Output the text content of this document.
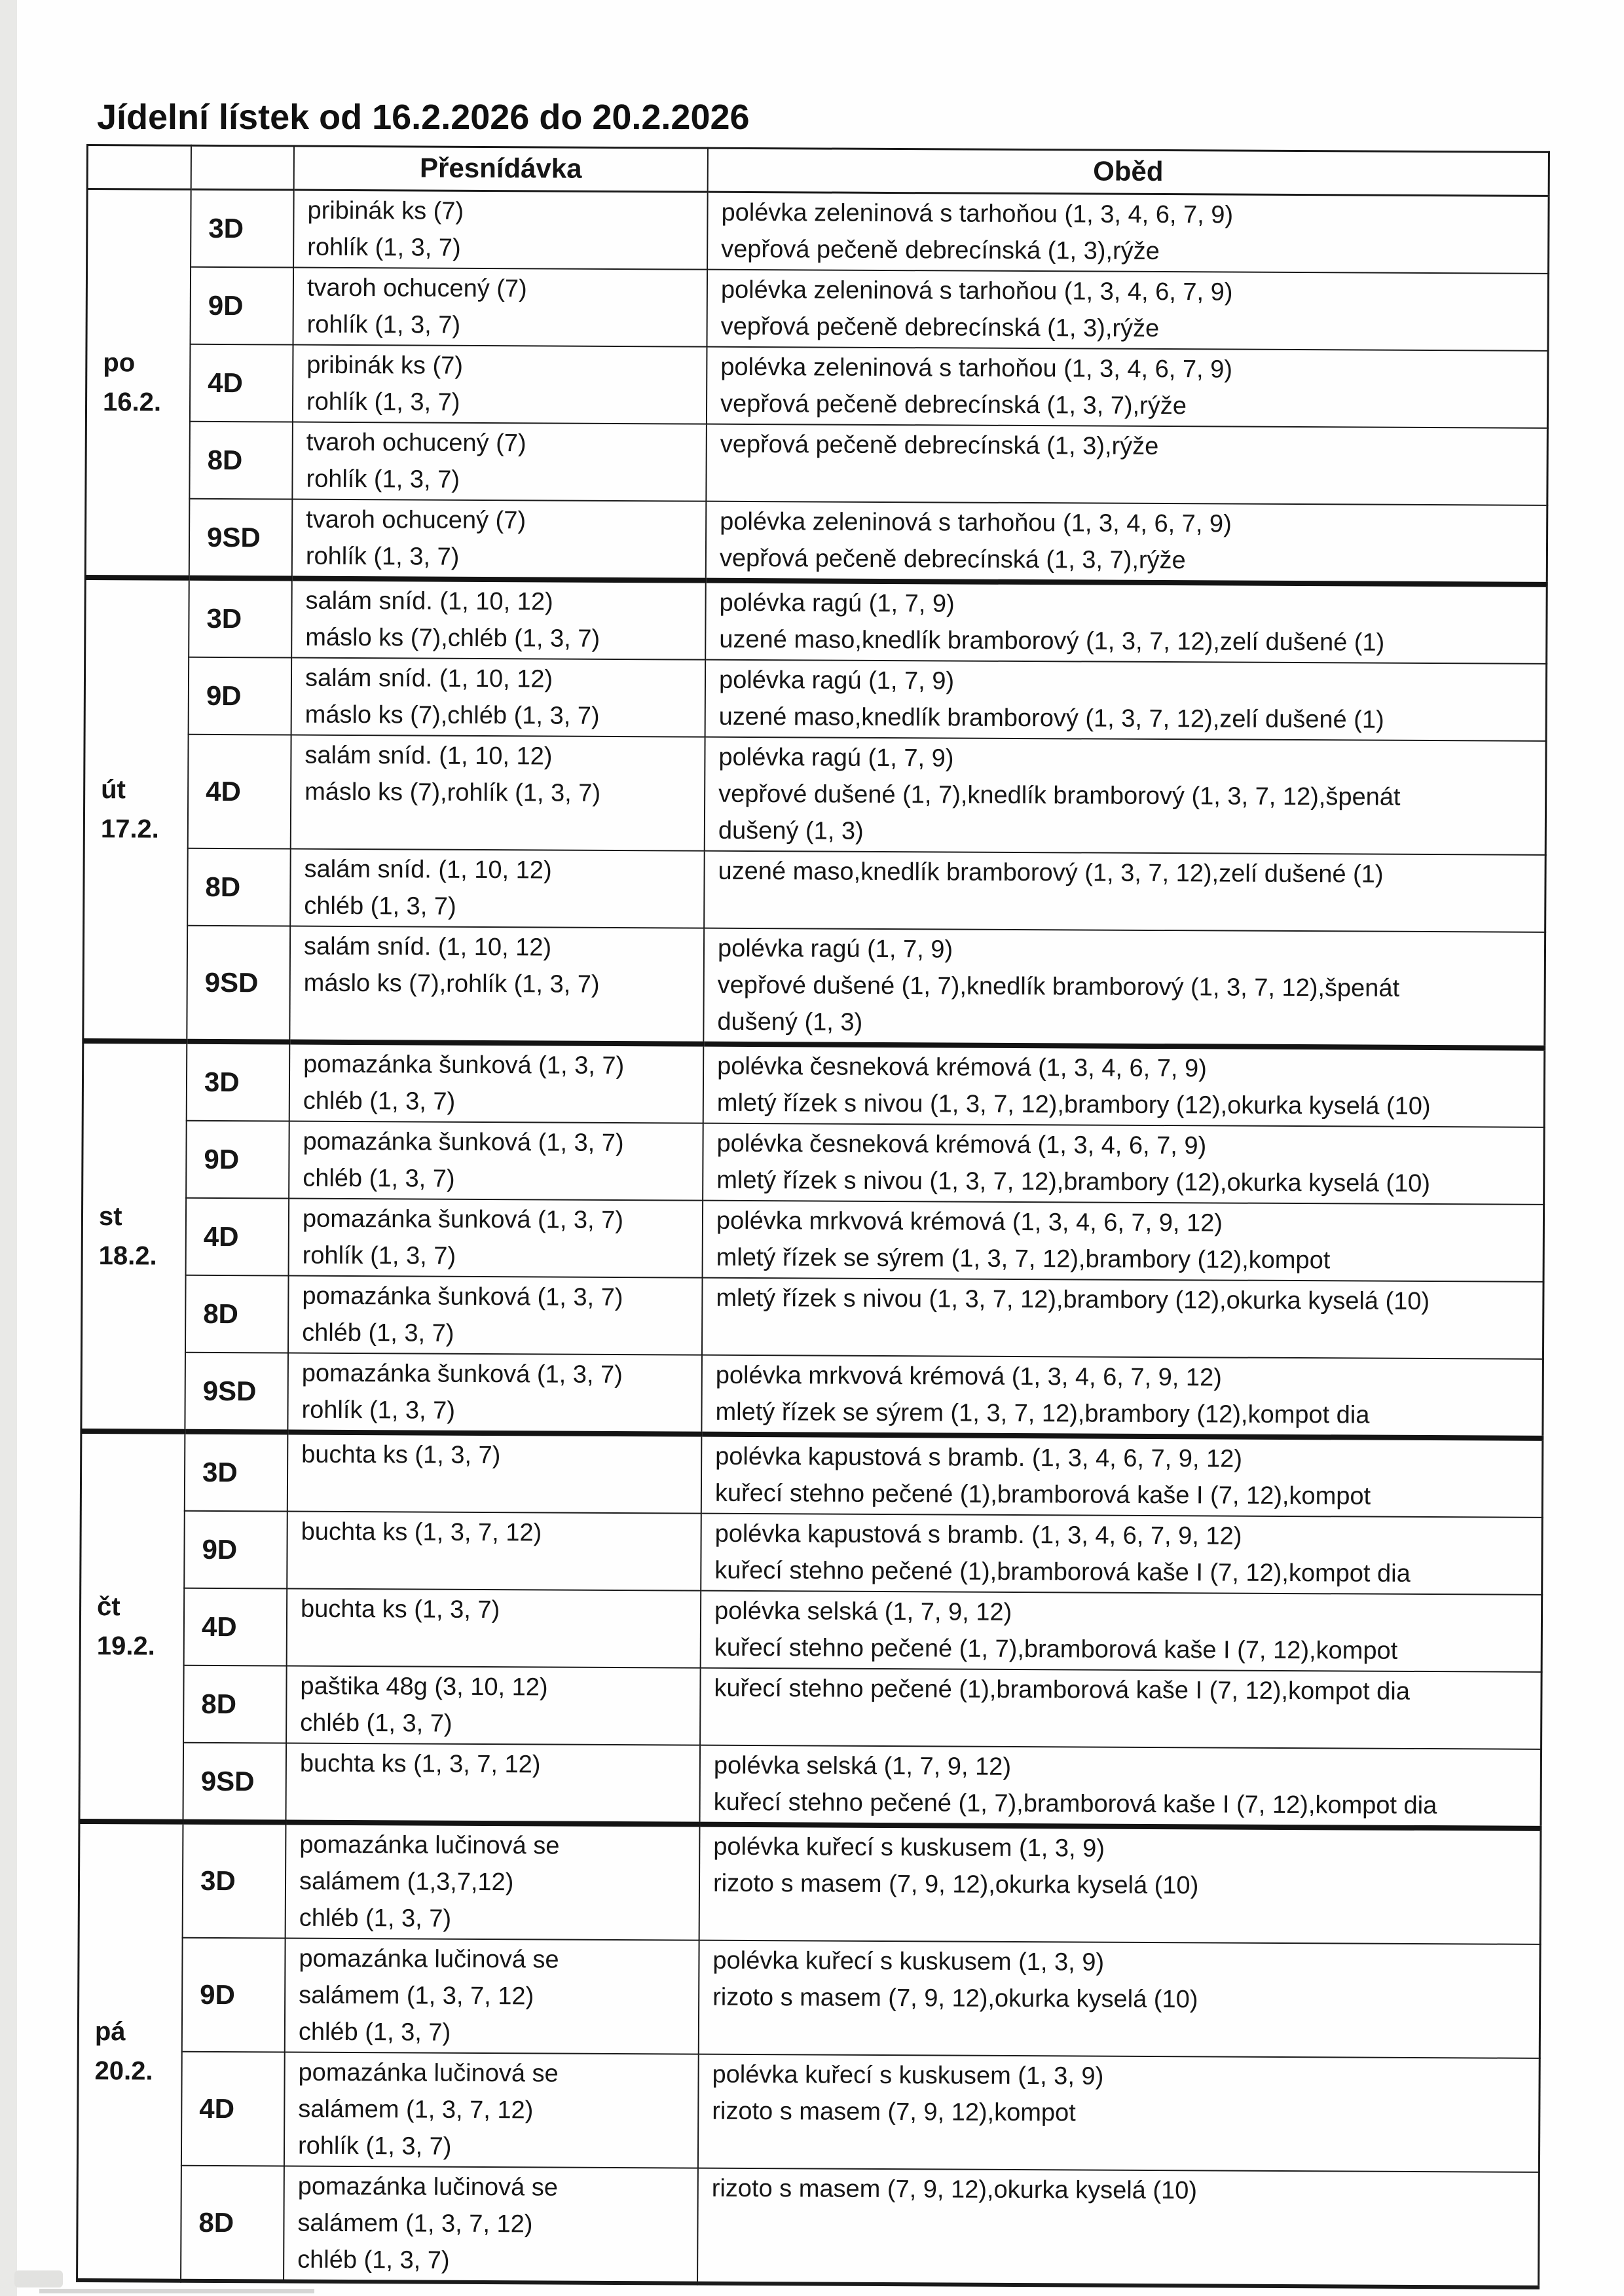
Jídelní lístek od 16.2.2026 do 20.2.2026
		Přesnídávka	Oběd

po
16.2.

3D

pribinák ks (7)
rohlík (1, 3, 7)

polévka zeleninová s tarhoňou (1, 3, 4, 6, 7, 9)
vepřová pečeně debrecínská (1, 3),rýže

9D

tvaroh ochucený (7)
rohlík (1, 3, 7)

polévka zeleninová s tarhoňou (1, 3, 4, 6, 7, 9)
vepřová pečeně debrecínská (1, 3),rýže

4D

pribinák ks (7)
rohlík (1, 3, 7)

polévka zeleninová s tarhoňou (1, 3, 4, 6, 7, 9)
vepřová pečeně debrecínská (1, 3, 7),rýže

	8D	tvaroh ochucený (7)
rohlík (1, 3, 7)	vepřová pečeně debrecínská (1, 3),rýže

9SD

tvaroh ochucený (7)
rohlík (1, 3, 7)

polévka zeleninová s tarhoňou (1, 3, 4, 6, 7, 9)
vepřová pečeně debrecínská (1, 3, 7),rýže

út
17.2.

3D

salám sníd. (1, 10, 12)
máslo ks (7),chléb (1, 3, 7)

polévka ragú (1, 7, 9)
uzené maso,knedlík bramborový (1, 3, 7, 12),zelí dušené (1)

9D

salám sníd. (1, 10, 12)
máslo ks (7),chléb (1, 3, 7)

polévka ragú (1, 7, 9)
uzené maso,knedlík bramborový (1, 3, 7, 12),zelí dušené (1)

4D

salám sníd. (1, 10, 12)
máslo ks (7),rohlík (1, 3, 7)

polévka ragú (1, 7, 9)
vepřové dušené (1, 7),knedlík bramborový (1, 3, 7, 12),špenát
dušený (1, 3)

	8D	salám sníd. (1, 10, 12)
chléb (1, 3, 7)	uzené maso,knedlík bramborový (1, 3, 7, 12),zelí dušené (1)

9SD

salám sníd. (1, 10, 12)
máslo ks (7),rohlík (1, 3, 7)

polévka ragú (1, 7, 9)
vepřové dušené (1, 7),knedlík bramborový (1, 3, 7, 12),špenát
dušený (1, 3)

st
18.2.

3D

pomazánka šunková (1, 3, 7)
chléb (1, 3, 7)

polévka česneková krémová (1, 3, 4, 6, 7, 9)
mletý řízek s nivou (1, 3, 7, 12),brambory (12),okurka kyselá (10)

9D

pomazánka šunková (1, 3, 7)
chléb (1, 3, 7)

polévka česneková krémová (1, 3, 4, 6, 7, 9)
mletý řízek s nivou (1, 3, 7, 12),brambory (12),okurka kyselá (10)

4D

pomazánka šunková (1, 3, 7)
rohlík (1, 3, 7)

polévka mrkvová krémová (1, 3, 4, 6, 7, 9, 12)
mletý řízek se sýrem (1, 3, 7, 12),brambory (12),kompot

	8D	pomazánka šunková (1, 3, 7)
chléb (1, 3, 7)	mletý řízek s nivou (1, 3, 7, 12),brambory (12),okurka kyselá (10)

9SD

pomazánka šunková (1, 3, 7)
rohlík (1, 3, 7)

polévka mrkvová krémová (1, 3, 4, 6, 7, 9, 12)
mletý řízek se sýrem (1, 3, 7, 12),brambory (12),kompot dia

čt
19.2.

3D

buchta ks (1, 3, 7)	polévka kapustová s bramb. (1, 3, 4, 6, 7, 9, 12)
kuřecí stehno pečené (1),bramborová kaše I (7, 12),kompot

	9D	buchta ks (1, 3, 7, 12)	polévka kapustová s bramb. (1, 3, 4, 6, 7, 9, 12)
kuřecí stehno pečené (1),bramborová kaše I (7, 12),kompot dia

	4D	buchta ks (1, 3, 7)	polévka selská (1, 7, 9, 12)
kuřecí stehno pečené (1, 7),bramborová kaše I (7, 12),kompot

	8D	paštika 48g (3, 10, 12)
chléb (1, 3, 7)	kuřecí stehno pečené (1),bramborová kaše I (7, 12),kompot dia

	9SD	buchta ks (1, 3, 7, 12)	polévka selská (1, 7, 9, 12)
kuřecí stehno pečené (1, 7),bramborová kaše I (7, 12),kompot dia

pá
20.2.

3D

pomazánka lučinová se
salámem (1,3,7,12)
chléb (1, 3, 7)

polévka kuřecí s kuskusem (1, 3, 9)
rizoto s masem (7, 9, 12),okurka kyselá (10)

9D

pomazánka lučinová se
salámem (1, 3, 7, 12)
chléb (1, 3, 7)

polévka kuřecí s kuskusem (1, 3, 9)
rizoto s masem (7, 9, 12),okurka kyselá (10)

4D

pomazánka lučinová se
salámem (1, 3, 7, 12)
rohlík (1, 3, 7)

polévka kuřecí s kuskusem (1, 3, 9)
rizoto s masem (7, 9, 12),kompot

	8D	pomazánka lučinová se
salámem (1, 3, 7, 12)
chléb (1, 3, 7)	rizoto s masem (7, 9, 12),okurka kyselá (10)
